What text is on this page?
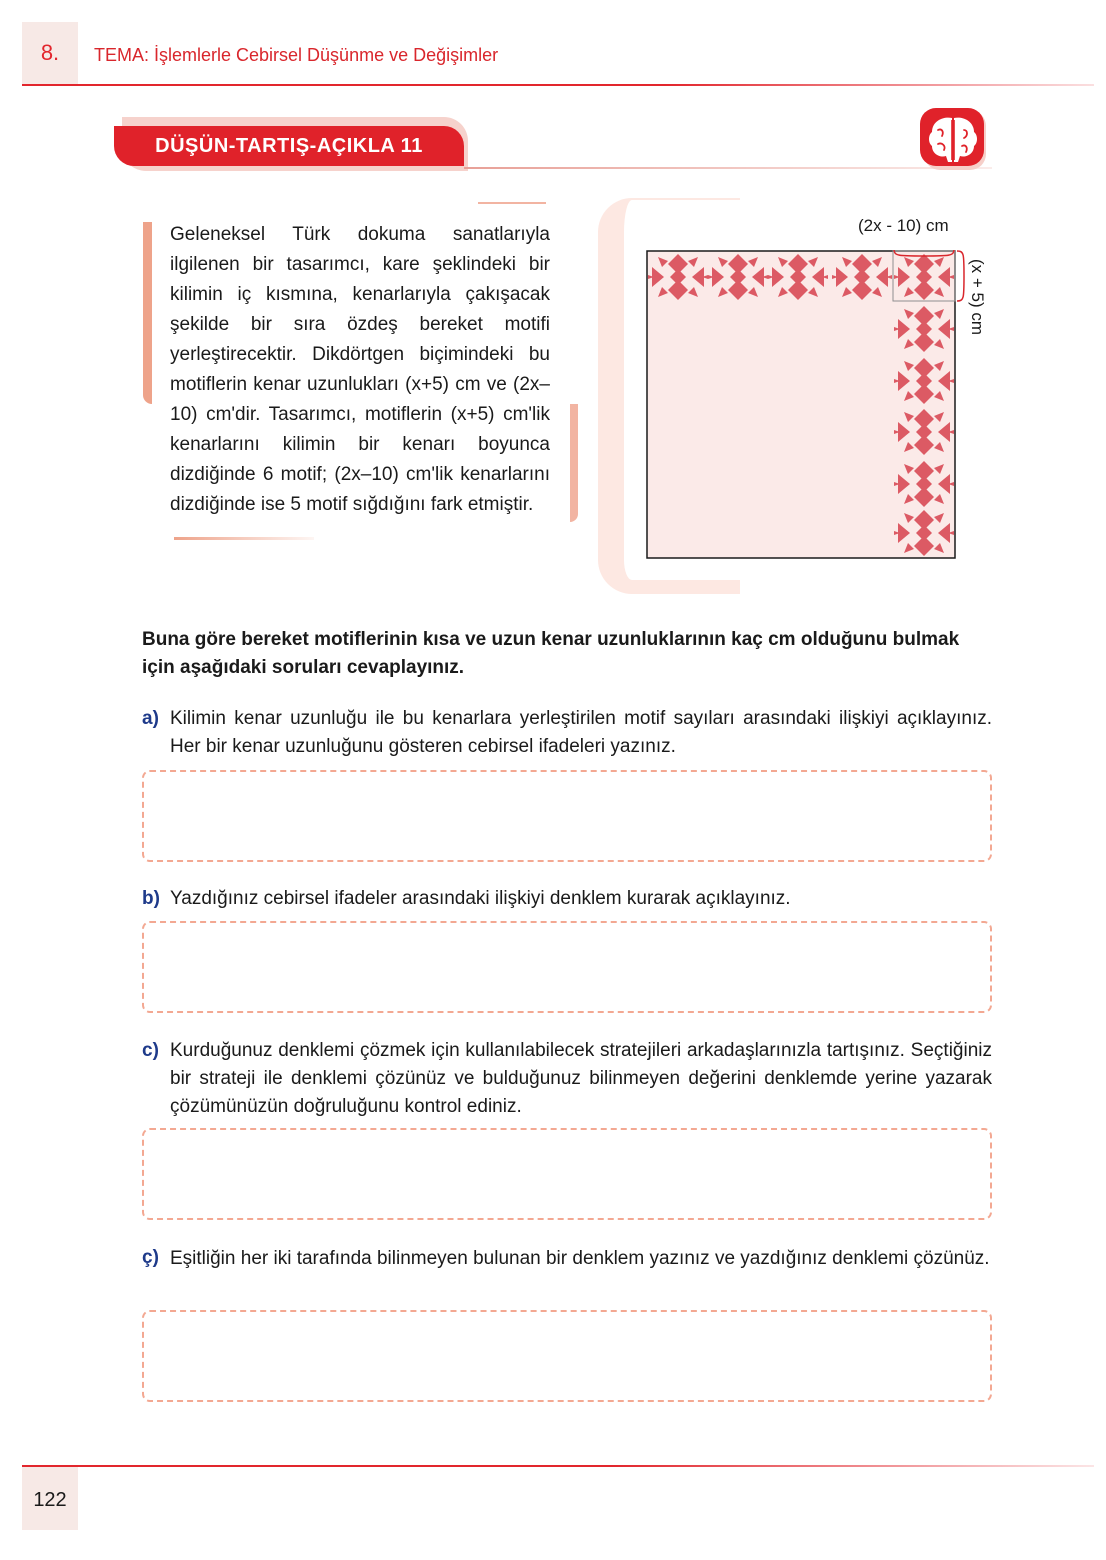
8.	TEMA: İşlemlerle Cebirsel Düşünme ve Değişimler
DÜŞÜN-TARTIŞ-AÇIKLA 11
Geleneksel Türk dokuma sanatlarıyla ilgilenen bir tasarımcı, kare şeklindeki bir kilimin iç kısmına, kenarlarıyla çakışacak şekilde bir sıra özdeş bereket motifi yerleştirecektir. Dikdörtgen biçimindeki bu motiflerin kenar uzunlukları (x+5) cm ve (2x–10) cm'dir. Tasarımcı, motiflerin (x+5) cm'lik kenarlarını kilimin bir kenarı boyunca dizdiğinde 6 motif; (2x–10) cm'lik kenarlarını dizdiğinde ise 5 motif sığdığını fark etmiştir.
(2x - 10) cm
(x + 5) cm
Buna göre bereket motiflerinin kısa ve uzun kenar uzunluklarının kaç cm olduğunu bulmak için aşağıdaki soruları cevaplayınız.
a) Kilimin kenar uzunluğu ile bu kenarlara yerleştirilen motif sayıları arasındaki ilişkiyi açıklayınız. Her bir kenar uzunluğunu gösteren cebirsel ifadeleri yazınız.
b) Yazdığınız cebirsel ifadeler arasındaki ilişkiyi denklem kurarak açıklayınız.
c) Kurduğunuz denklemi çözmek için kullanılabilecek stratejileri arkadaşlarınızla tartışınız. Seçtiğiniz bir strateji ile denklemi çözünüz ve bulduğunuz bilinmeyen değerini denklemde yerine yazarak çözümünüzün doğruluğunu kontrol ediniz.
ç) Eşitliğin her iki tarafında bilinmeyen bulunan bir denklem yazınız ve yazdığınız denklemi çözünüz.
122
